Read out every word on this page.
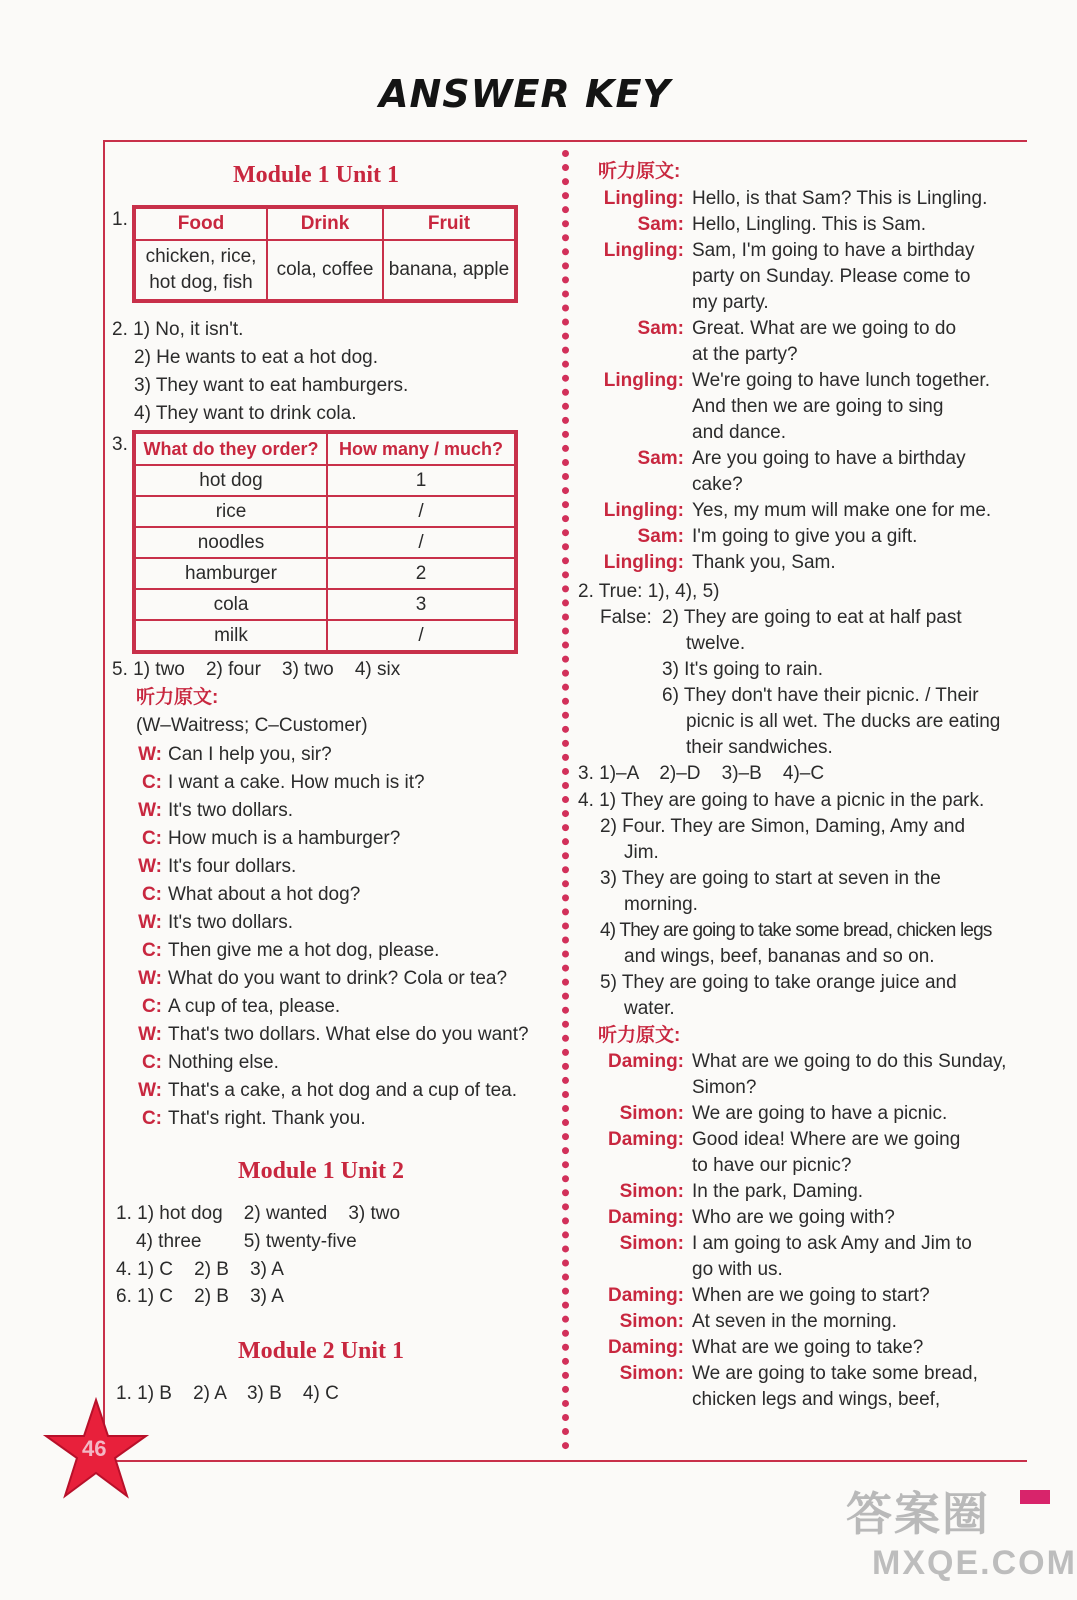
ANSWER KEY
Module 1 Unit 1
1.	Food	Drink	Fruit
chicken, rice,
hot dog, fish	cola, coffee	banana, apple
2. 1) No, it isn't.
2) He wants to eat a hot dog.
3) They want to eat hamburgers.
4) They want to drink cola.
3. What do they order?	How many / much?
hot dog	1
rice	/
noodles	/
hamburger	2
cola	3
milk	/
5. 1) two    2) four    3) two    4) six
听力原文:
(W–Waitress; C–Customer)
W: Can I help you, sir?
C: I want a cake. How much is it?
W: It's two dollars.
C: How much is a hamburger?
W: It's four dollars.
C: What about a hot dog?
W: It's two dollars.
C: Then give me a hot dog, please.
W: What do you want to drink? Cola or tea?
C: A cup of tea, please.
W: That's two dollars. What else do you want?
C: Nothing else.
W: That's a cake, a hot dog and a cup of tea.
C: That's right. Thank you.
Module 1 Unit 2
1. 1) hot dog    2) wanted    3) two
4) three        5) twenty-five
4. 1) C    2) B    3) A
6. 1) C    2) B    3) A
Module 2 Unit 1
1. 1) B    2) A    3) B    4) C
听力原文:
Lingling: Hello, is that Sam? This is Lingling.
Sam: Hello, Lingling. This is Sam.
Lingling: Sam, I'm going to have a birthday
party on Sunday. Please come to
my party.
Sam: Great. What are we going to do
at the party?
Lingling: We're going to have lunch together.
And then we are going to sing
and dance.
Sam: Are you going to have a birthday
cake?
Lingling: Yes, my mum will make one for me.
Sam: I'm going to give you a gift.
Lingling: Thank you, Sam.
2. True: 1), 4), 5)
False: 2) They are going to eat at half past
twelve.
3) It's going to rain.
6) They don't have their picnic. / Their
picnic is all wet. The ducks are eating
their sandwiches.
3. 1)–A    2)–D    3)–B    4)–C
4. 1) They are going to have a picnic in the park.
2) Four. They are Simon, Daming, Amy and
Jim.
3) They are going to start at seven in the
morning.
4) They are going to take some bread, chicken legs
and wings, beef, bananas and so on.
5) They are going to take orange juice and
water.
听力原文:
Daming: What are we going to do this Sunday,
Simon?
Simon: We are going to have a picnic.
Daming: Good idea! Where are we going
to have our picnic?
Simon: In the park, Daming.
Daming: Who are we going with?
Simon: I am going to ask Amy and Jim to
go with us.
Daming: When are we going to start?
Simon: At seven in the morning.
Daming: What are we going to take?
Simon: We are going to take some bread,
chicken legs and wings, beef,
46
答案圈
MXQE.COM
